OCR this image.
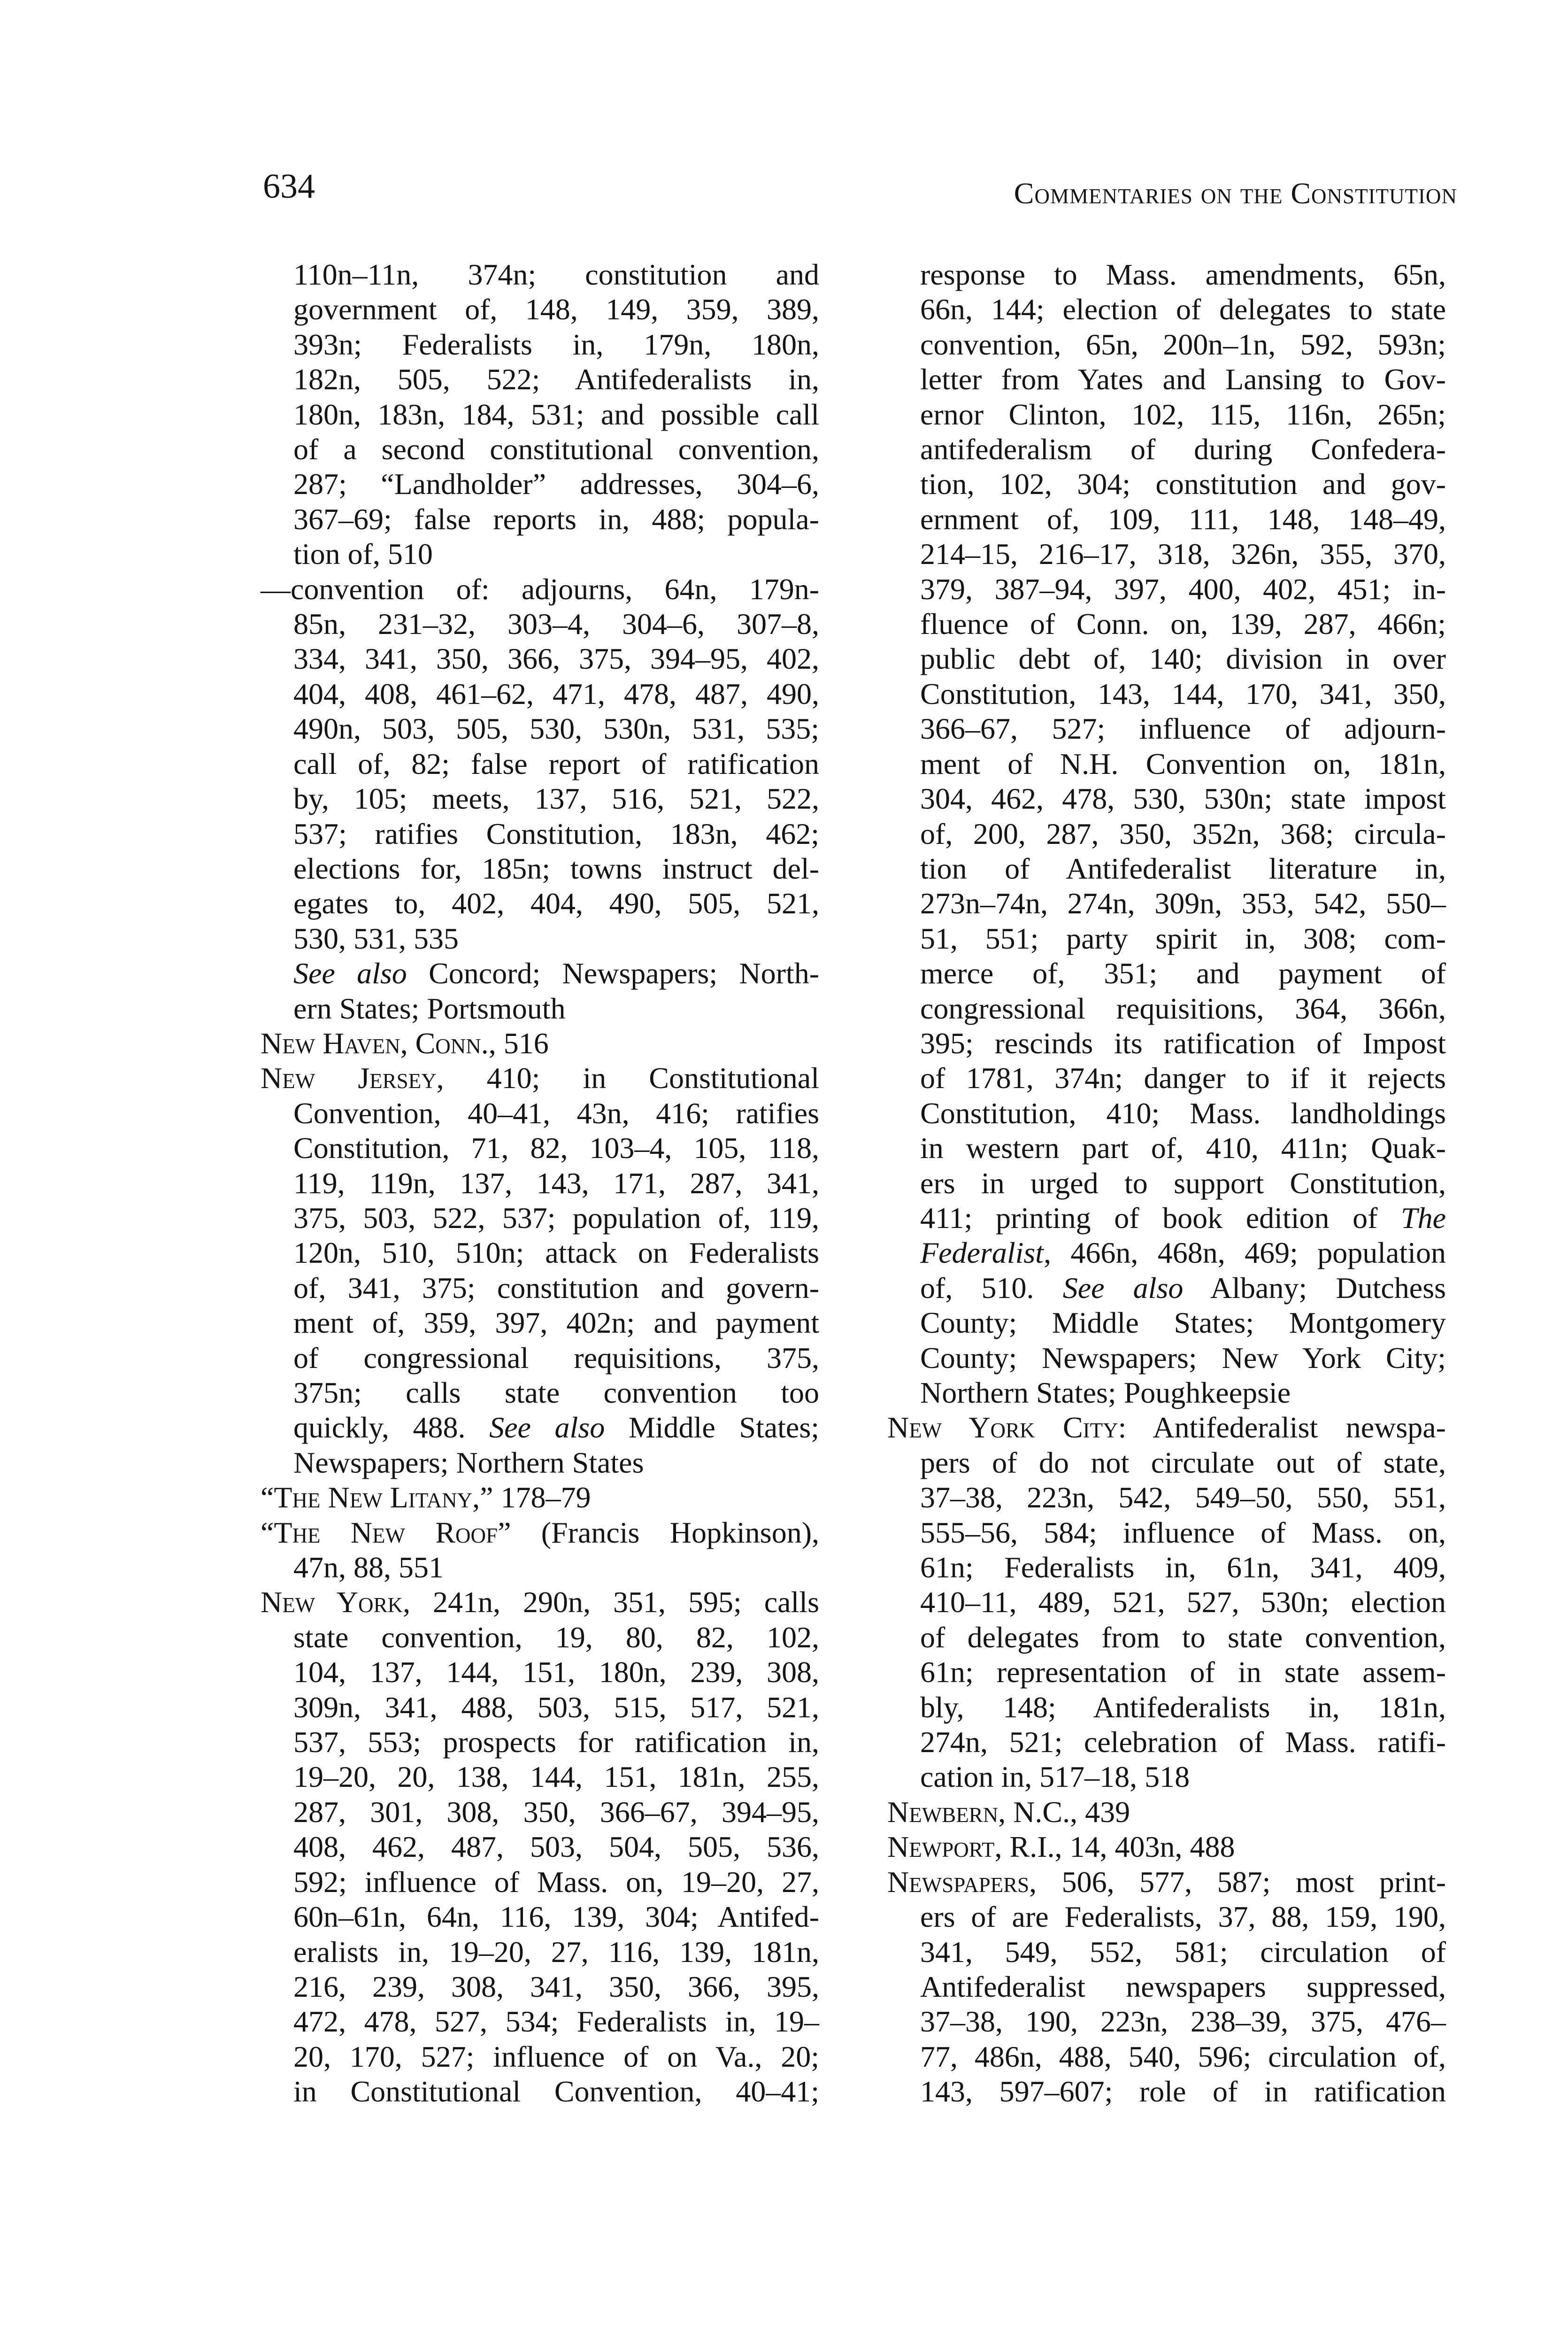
634	Commentaries on the Constitution
110n–11n, 374n; constitution and
government of, 148, 149, 359, 389,
393n; Federalists in, 179n, 180n,
182n, 505, 522; Antifederalists in,
180n, 183n, 184, 531; and possible call
of a second constitutional convention,
287; “Landholder” addresses, 304–6,
367–69; false reports in, 488; popula-
tion of, 510
—convention of: adjourns, 64n, 179n-
85n, 231–32, 303–4, 304–6, 307–8,
334, 341, 350, 366, 375, 394–95, 402,
404, 408, 461–62, 471, 478, 487, 490,
490n, 503, 505, 530, 530n, 531, 535;
call of, 82; false report of ratification
by, 105; meets, 137, 516, 521, 522,
537; ratifies Constitution, 183n, 462;
elections for, 185n; towns instruct del-
egates to, 402, 404, 490, 505, 521,
530, 531, 535
See also Concord; Newspapers; North-
ern States; Portsmouth
New Haven, Conn., 516
New Jersey, 410; in Constitutional
Convention, 40–41, 43n, 416; ratifies
Constitution, 71, 82, 103–4, 105, 118,
119, 119n, 137, 143, 171, 287, 341,
375, 503, 522, 537; population of, 119,
120n, 510, 510n; attack on Federalists
of, 341, 375; constitution and govern-
ment of, 359, 397, 402n; and payment
of congressional requisitions, 375,
375n; calls state convention too
quickly, 488. See also Middle States;
Newspapers; Northern States
“The New Litany,” 178–79
“The New Roof” (Francis Hopkinson),
47n, 88, 551
New York, 241n, 290n, 351, 595; calls
state convention, 19, 80, 82, 102,
104, 137, 144, 151, 180n, 239, 308,
309n, 341, 488, 503, 515, 517, 521,
537, 553; prospects for ratification in,
19–20, 20, 138, 144, 151, 181n, 255,
287, 301, 308, 350, 366–67, 394–95,
408, 462, 487, 503, 504, 505, 536,
592; influence of Mass. on, 19–20, 27,
60n–61n, 64n, 116, 139, 304; Antifed-
eralists in, 19–20, 27, 116, 139, 181n,
216, 239, 308, 341, 350, 366, 395,
472, 478, 527, 534; Federalists in, 19–
20, 170, 527; influence of on Va., 20;
in Constitutional Convention, 40–41;
response to Mass. amendments, 65n,
66n, 144; election of delegates to state
convention, 65n, 200n–1n, 592, 593n;
letter from Yates and Lansing to Gov-
ernor Clinton, 102, 115, 116n, 265n;
antifederalism of during Confedera-
tion, 102, 304; constitution and gov-
ernment of, 109, 111, 148, 148–49,
214–15, 216–17, 318, 326n, 355, 370,
379, 387–94, 397, 400, 402, 451; in-
fluence of Conn. on, 139, 287, 466n;
public debt of, 140; division in over
Constitution, 143, 144, 170, 341, 350,
366–67, 527; influence of adjourn-
ment of N.H. Convention on, 181n,
304, 462, 478, 530, 530n; state impost
of, 200, 287, 350, 352n, 368; circula-
tion of Antifederalist literature in,
273n–74n, 274n, 309n, 353, 542, 550–
51, 551; party spirit in, 308; com-
merce of, 351; and payment of
congressional requisitions, 364, 366n,
395; rescinds its ratification of Impost
of 1781, 374n; danger to if it rejects
Constitution, 410; Mass. landholdings
in western part of, 410, 411n; Quak-
ers in urged to support Constitution,
411; printing of book edition of The
Federalist, 466n, 468n, 469; population
of, 510. See also Albany; Dutchess
County; Middle States; Montgomery
County; Newspapers; New York City;
Northern States; Poughkeepsie
New York City: Antifederalist newspa-
pers of do not circulate out of state,
37–38, 223n, 542, 549–50, 550, 551,
555–56, 584; influence of Mass. on,
61n; Federalists in, 61n, 341, 409,
410–11, 489, 521, 527, 530n; election
of delegates from to state convention,
61n; representation of in state assem-
bly, 148; Antifederalists in, 181n,
274n, 521; celebration of Mass. ratifi-
cation in, 517–18, 518
Newbern, N.C., 439
Newport, R.I., 14, 403n, 488
Newspapers, 506, 577, 587; most print-
ers of are Federalists, 37, 88, 159, 190,
341, 549, 552, 581; circulation of
Antifederalist newspapers suppressed,
37–38, 190, 223n, 238–39, 375, 476–
77, 486n, 488, 540, 596; circulation of,
143, 597–607; role of in ratification
